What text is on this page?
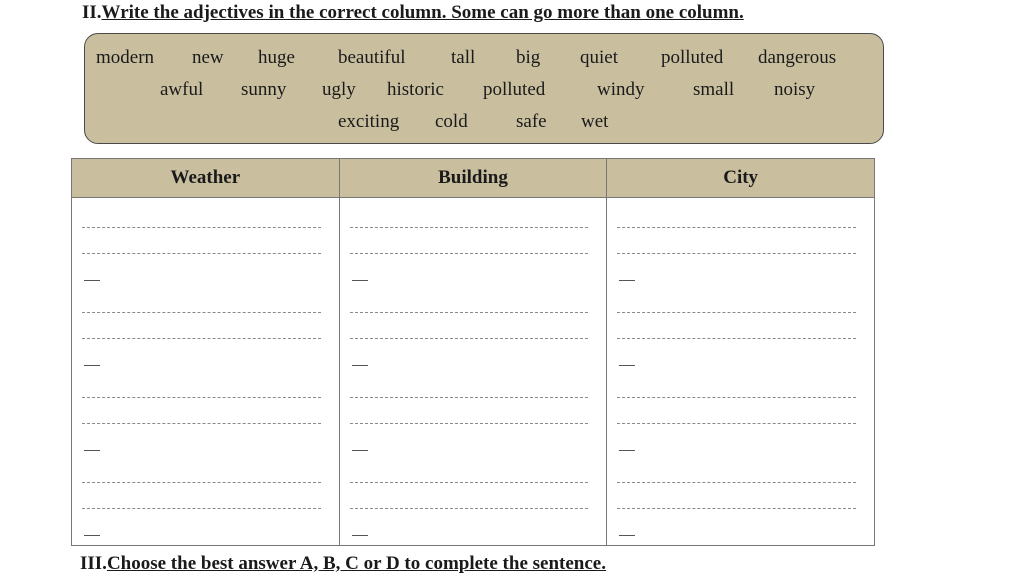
II.Write the adjectives in the correct column. Some can go more than one column.
modern new huge beautiful tall big quiet polluted dangerous
awful sunny ugly historic polluted	windy	small noisy
exciting cold	safe wet
Weather	Building	City

III.Choose the best answer A, B, C or D to complete the sentence.
